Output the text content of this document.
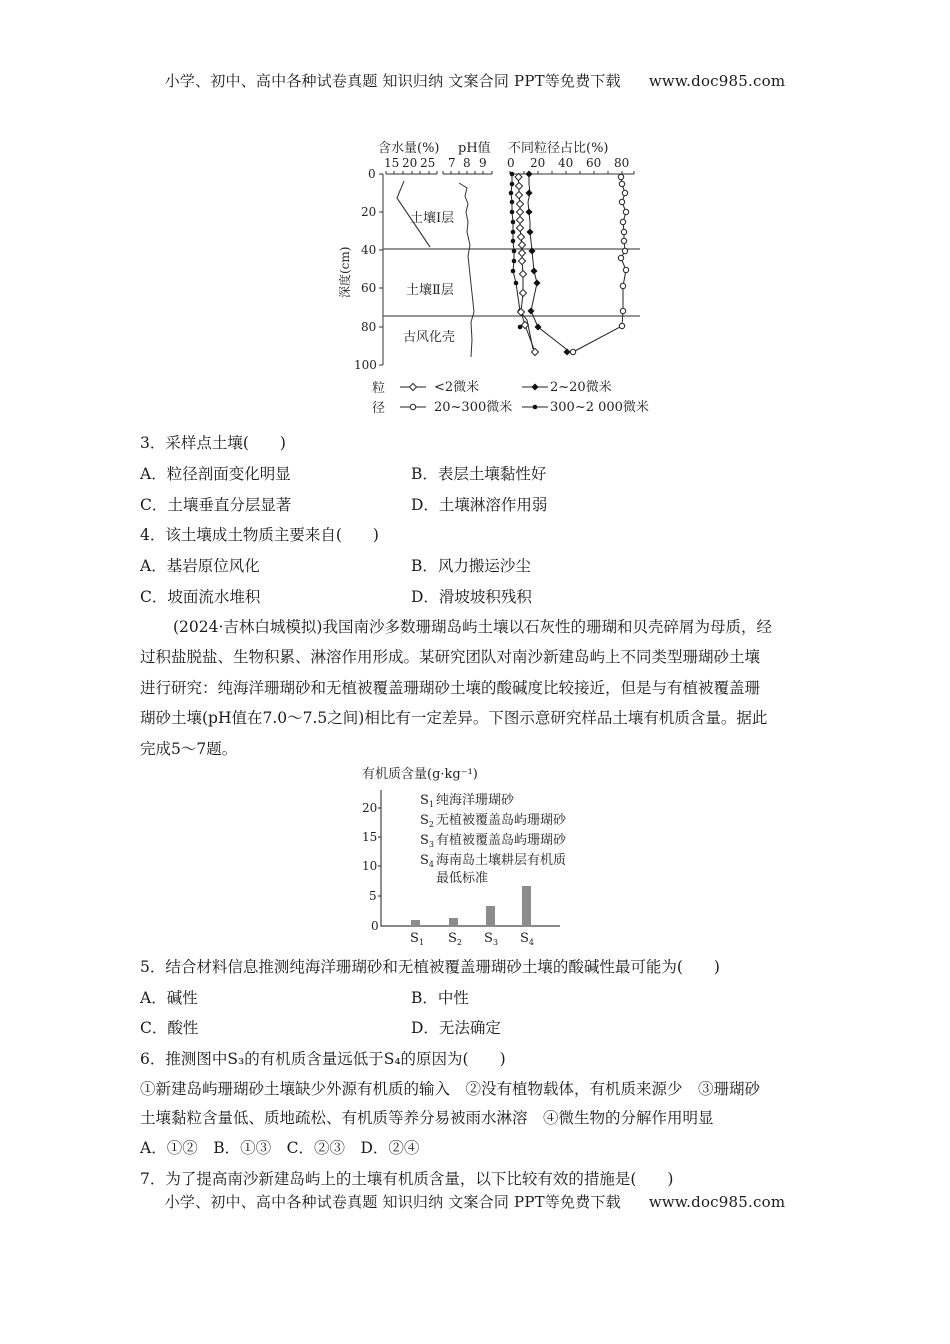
小学、初中、高中各种试卷真题 知识归纳 文案合同 PPT等免费下载 www.doc985.com
含水量(%) pH值 不同粒径占比(%)
15 20 25 7 8 9 0 20 40 60 80
0
20
40
60
80
100
深度(cm)
土壤Ⅰ层
土壤Ⅱ层
古风化壳
粒
径
<2微米	2~20微米
20~300微米	300~2 000微米
3．采样点土壤(　　)
A．粒径剖面变化明显	B．表层土壤黏性好
C．土壤垂直分层显著	D．土壤淋溶作用弱
4．该土壤成土物质主要来自(　　)
A．基岩原位风化	B．风力搬运沙尘
C．坡面流水堆积	D．滑坡坡积残积
(2024·吉林白城模拟)我国南沙多数珊瑚岛屿土壤以石灰性的珊瑚和贝壳碎屑为母质，经
过积盐脱盐、生物积累、淋溶作用形成。某研究团队对南沙新建岛屿上不同类型珊瑚砂土壤
进行研究：纯海洋珊瑚砂和无植被覆盖珊瑚砂土壤的酸碱度比较接近，但是与有植被覆盖珊
瑚砂土壤(pH值在7.0～7.5之间)相比有一定差异。下图示意研究样品土壤有机质含量。据此
完成5～7题。
有机质含量(g·kg⁻¹)
20
15
10
5
0
$S_1$ $S_2$ $S_3$ $S_4$
$S_1$
$S_2$
$S_3$
$S_4$
纯海洋珊瑚砂
无植被覆盖岛屿珊瑚砂
有植被覆盖岛屿珊瑚砂
海南岛土壤耕层有机质
最低标准
5．结合材料信息推测纯海洋珊瑚砂和无植被覆盖珊瑚砂土壤的酸碱性最可能为(　　)
A．碱性	B．中性
C．酸性	D．无法确定
6．推测图中S₃的有机质含量远低于S₄的原因为(　　)
①新建岛屿珊瑚砂土壤缺少外源有机质的输入　②没有植物载体，有机质来源少　③珊瑚砂
土壤黏粒含量低、质地疏松、有机质等养分易被雨水淋溶　④微生物的分解作用明显
A．①②　B．①③　C．②③　D．②④
7．为了提高南沙新建岛屿上的土壤有机质含量，以下比较有效的措施是(　　)
小学、初中、高中各种试卷真题 知识归纳 文案合同 PPT等免费下载 www.doc985.com
